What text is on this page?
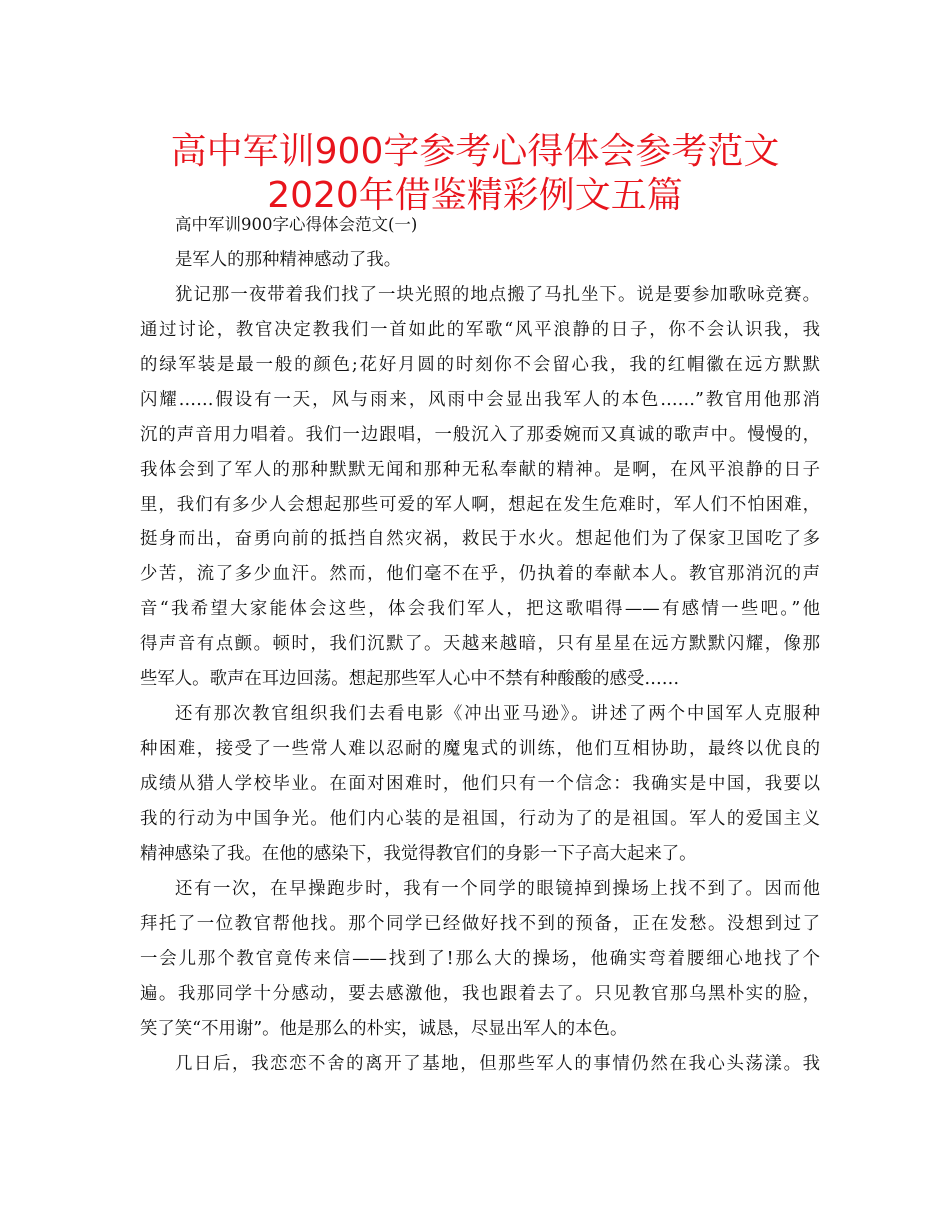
高中军训900字参考心得体会参考范文
2020年借鉴精彩例文五篇
高中军训900字心得体会范文(一)
是军人的那种精神感动了我。
犹记那一夜带着我们找了一块光照的地点搬了马扎坐下。说是要参加歌咏竞赛。
通过讨论，教官决定教我们一首如此的军歌“风平浪静的日子，你不会认识我，我
的绿军装是最一般的颜色;花好月圆的时刻你不会留心我，我的红帽徽在远方默默
闪耀……假设有一天，风与雨来，风雨中会显出我军人的本色……”教官用他那消
沉的声音用力唱着。我们一边跟唱，一般沉入了那委婉而又真诚的歌声中。慢慢的，
我体会到了军人的那种默默无闻和那种无私奉献的精神。是啊，在风平浪静的日子
里，我们有多少人会想起那些可爱的军人啊，想起在发生危难时，军人们不怕困难，
挺身而出，奋勇向前的抵挡自然灾祸，救民于水火。想起他们为了保家卫国吃了多
少苦，流了多少血汗。然而，他们毫不在乎，仍执着的奉献本人。教官那消沉的声
音“我希望大家能体会这些，体会我们军人，把这歌唱得——有感情一些吧。”他
得声音有点颤。顿时，我们沉默了。天越来越暗，只有星星在远方默默闪耀，像那
些军人。歌声在耳边回荡。想起那些军人心中不禁有种酸酸的感受……
还有那次教官组织我们去看电影《冲出亚马逊》。讲述了两个中国军人克服种
种困难，接受了一些常人难以忍耐的魔鬼式的训练，他们互相协助，最终以优良的
成绩从猎人学校毕业。在面对困难时，他们只有一个信念：我确实是中国，我要以
我的行动为中国争光。他们内心装的是祖国，行动为了的是祖国。军人的爱国主义
精神感染了我。在他的感染下，我觉得教官们的身影一下子高大起来了。
还有一次，在早操跑步时，我有一个同学的眼镜掉到操场上找不到了。因而他
拜托了一位教官帮他找。那个同学已经做好找不到的预备，正在发愁。没想到过了
一会儿那个教官竟传来信——找到了!那么大的操场，他确实弯着腰细心地找了个
遍。我那同学十分感动，要去感激他，我也跟着去了。只见教官那乌黑朴实的脸，
笑了笑“不用谢”。他是那么的朴实，诚恳，尽显出军人的本色。
几日后，我恋恋不舍的离开了基地，但那些军人的事情仍然在我心头荡漾。我
